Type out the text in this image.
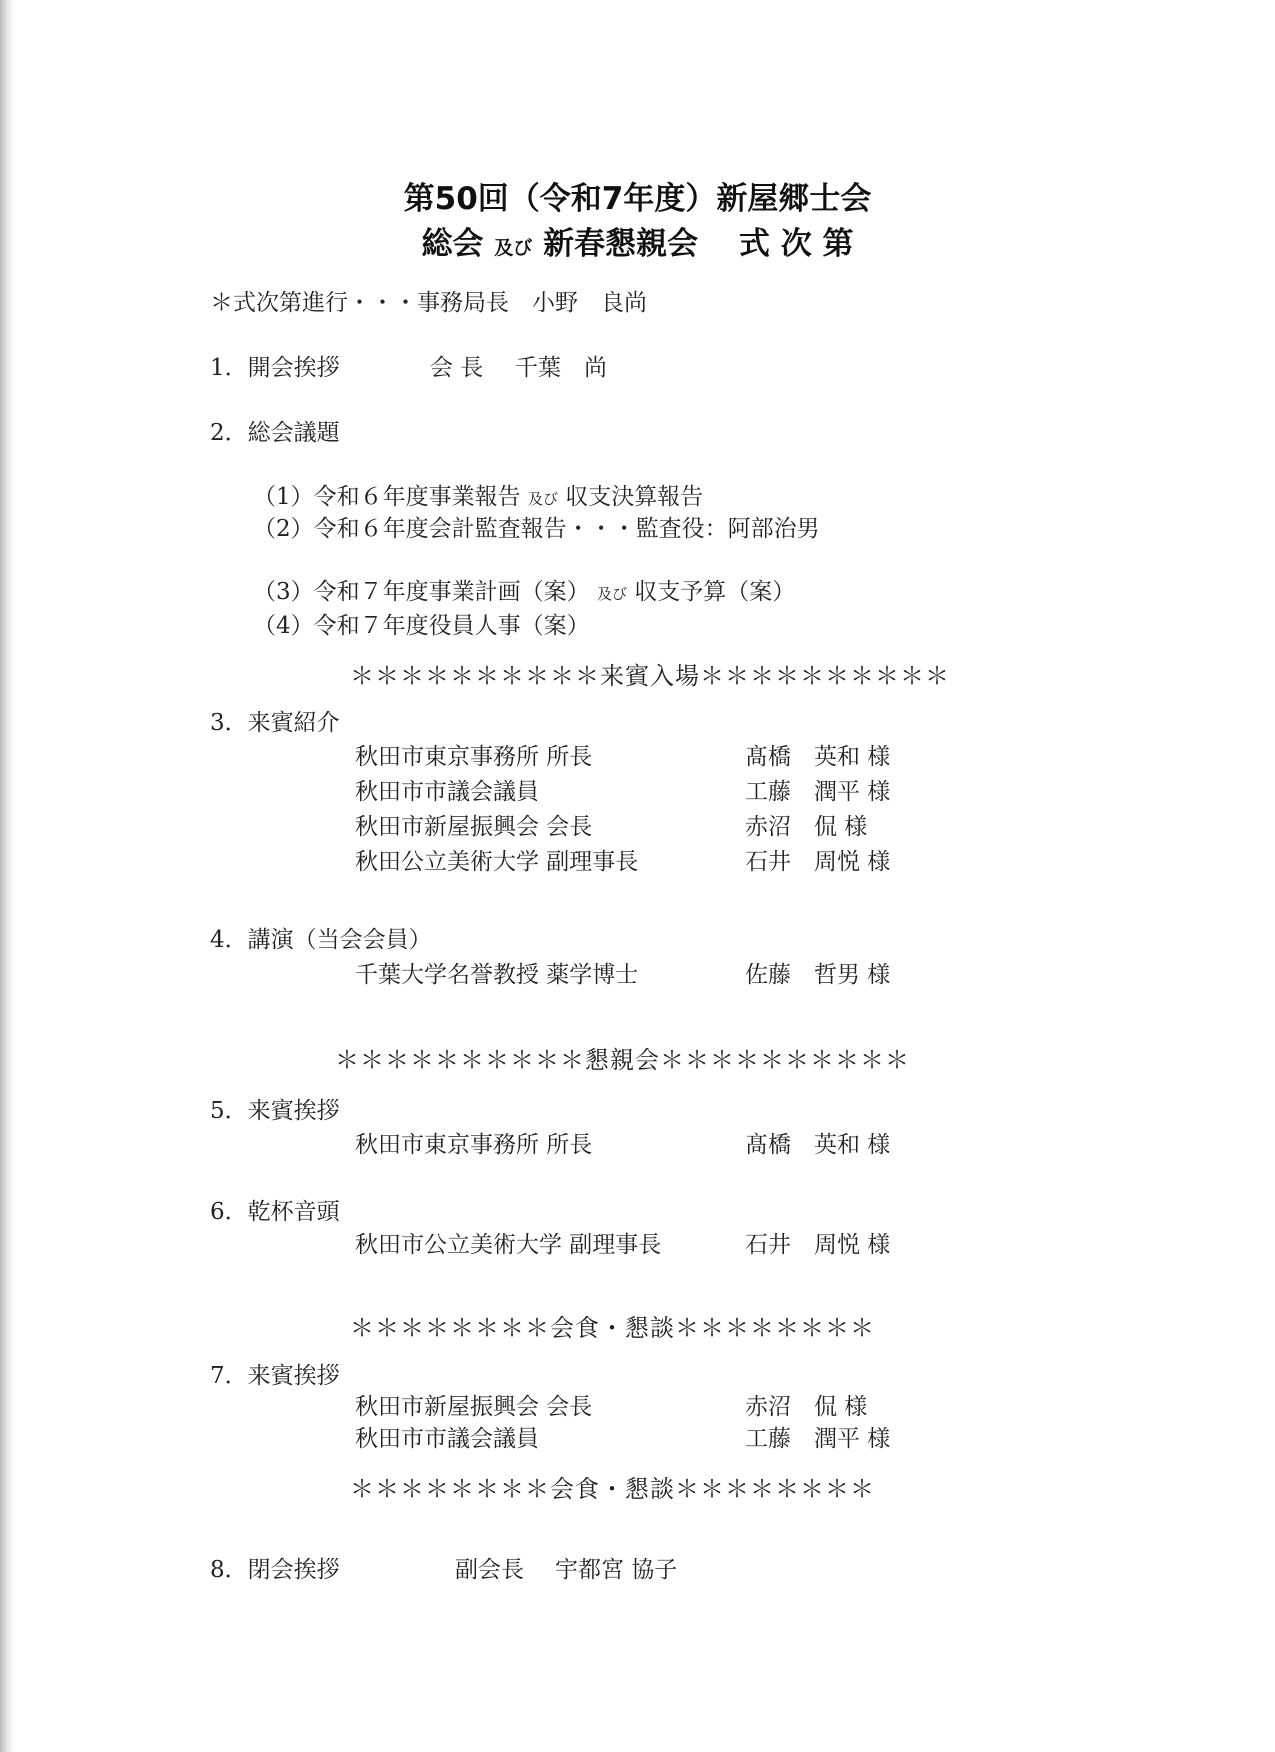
第50回（令和7年度）新屋郷士会
総会 及び 新春懇親会 式 次 第
＊式次第進行・・・事務局長　小野　良尚
1．開会挨拶	会 長 千葉　尚
2．総会議題
（1）令和６年度事業報告 及び 収支決算報告
（2）令和６年度会計監査報告・・・監査役：阿部治男
（3）令和７年度事業計画（案） 及び 収支予算（案）
（4）令和７年度役員人事（案）
＊＊＊＊＊＊＊＊＊＊来賓入場＊＊＊＊＊＊＊＊＊＊
3．来賓紹介
秋田市東京事務所 所長	髙橋　英和 様
秋田市市議会議員	工藤　潤平 様
秋田市新屋振興会 会長	赤沼　侃 様
秋田公立美術大学 副理事長	石井　周悦 様
4．講演（当会会員）
千葉大学名誉教授 薬学博士	佐藤　哲男 様
＊＊＊＊＊＊＊＊＊＊懇親会＊＊＊＊＊＊＊＊＊＊
5．来賓挨拶
秋田市東京事務所 所長	髙橋　英和 様
6．乾杯音頭
秋田市公立美術大学 副理事長	石井　周悦 様
＊＊＊＊＊＊＊＊会食・懇談＊＊＊＊＊＊＊＊
7．来賓挨拶
秋田市新屋振興会 会長	赤沼　侃 様
秋田市市議会議員	工藤　潤平 様
＊＊＊＊＊＊＊＊会食・懇談＊＊＊＊＊＊＊＊
8．閉会挨拶	副会長 宇都宮 協子
